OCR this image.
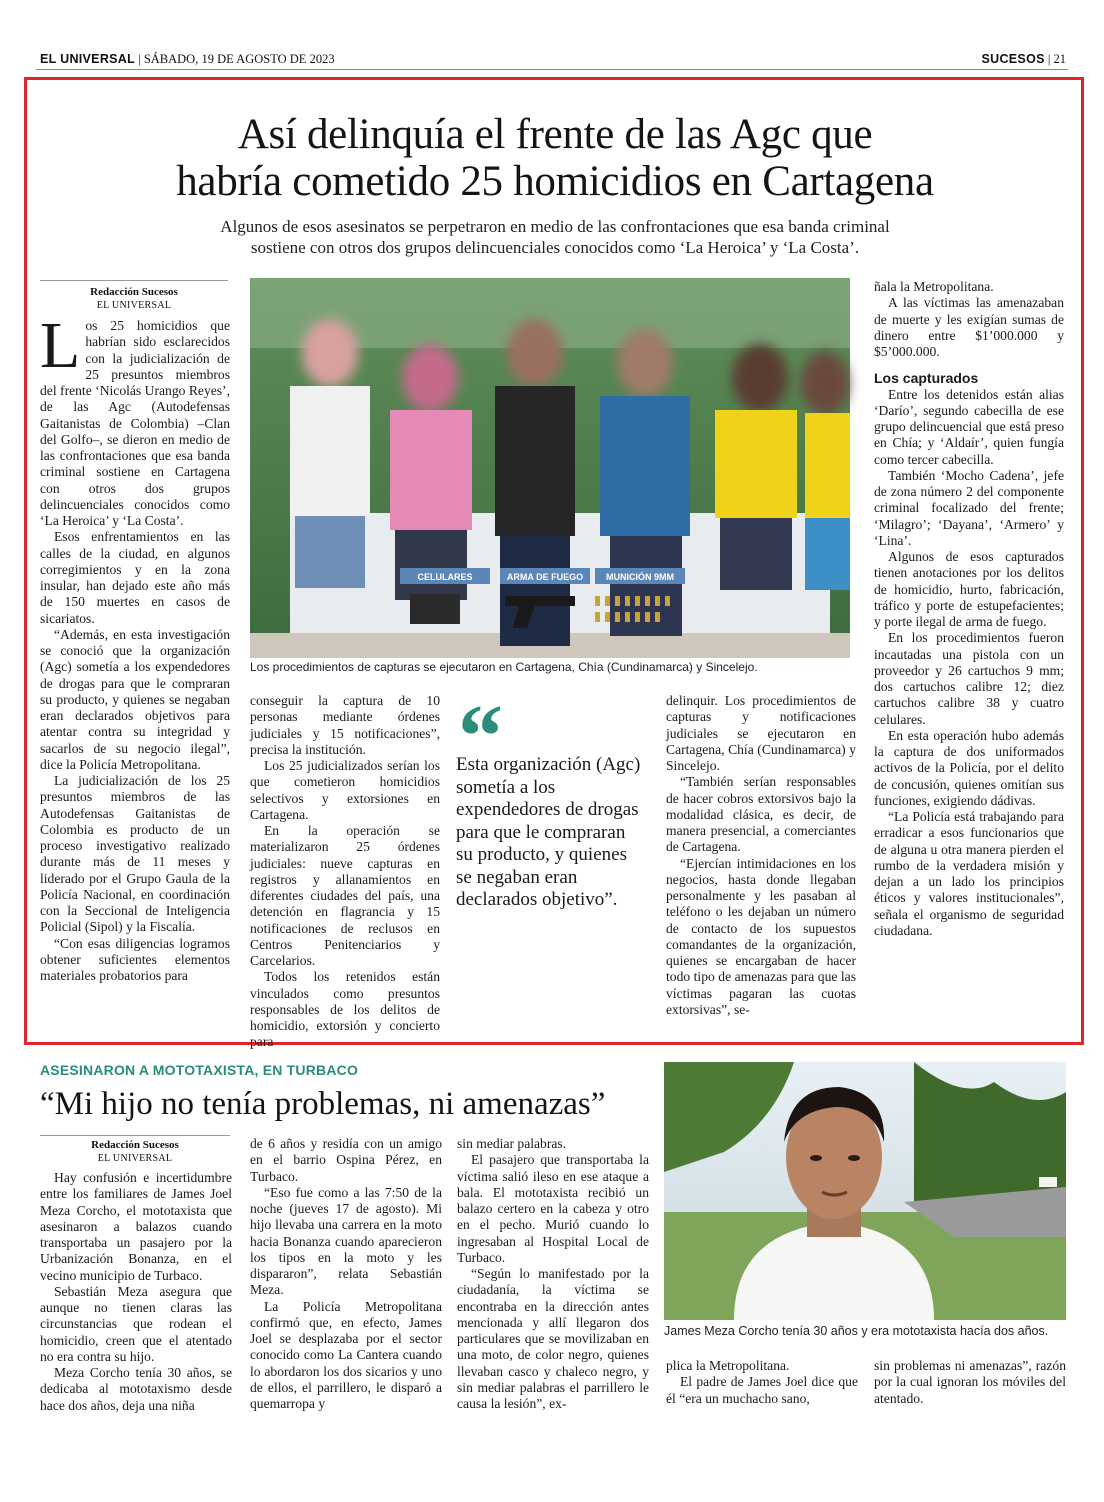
EL UNIVERSAL | SÁBADO, 19 DE AGOSTO DE 2023	SUCESOS | 21
Así delinquía el frente de las Agc que
habría cometido 25 homicidios en Cartagena
Algunos de esos asesinatos se perpetraron en medio de las confrontaciones que esa banda criminal
sostiene con otros dos grupos delincuenciales conocidos como ‘La Heroica’ y ‘La Costa’.
Redacción Sucesos
EL UNIVERSAL
L os 25 homicidios que habrían sido esclarecidos con la judicialización de 25 presuntos miembros del frente ‘Nicolás Urango Reyes’, de las Agc (Autodefensas Gaitanistas de Colombia) –Clan del Golfo–, se dieron en medio de las confrontaciones que esa banda criminal sostiene en Cartagena con otros dos grupos delincuenciales conocidos como ‘La Heroica’ y ‘La Costa’.

Esos enfrentamientos en las calles de la ciudad, en algunos corregimientos y en la zona insular, han dejado este año más de 150 muertes en casos de sicariatos.

“Además, en esta investigación se conoció que la organización (Agc) sometía a los expendedores de drogas para que le compraran su producto, y quienes se negaban eran declarados objetivos para atentar contra su integridad y sacarlos de su negocio ilegal”, dice la Policía Metropolitana.

La judicialización de los 25 presuntos miembros de las Autodefensas Gaitanistas de Colombia es producto de un proceso investigativo realizado durante más de 11 meses y liderado por el Grupo Gaula de la Policía Nacional, en coordinación con la Seccional de Inteligencia Policial (Sipol) y la Fiscalía.

“Con esas diligencias logramos obtener suficientes elementos materiales probatorios para

CELULARES	ARMA DE FUEGO	MUNICIÓN 9MM
Los procedimientos de capturas se ejecutaron en Cartagena, Chía (Cundinamarca) y Sincelejo.

conseguir la captura de 10 personas mediante órdenes judiciales y 15 notificaciones”, precisa la institución.

Los 25 judicializados serían los que cometieron homicidios selectivos y extorsiones en Cartagena.

En la operación se materializaron 25 órdenes judiciales: nueve capturas en registros y allanamientos en diferentes ciudades del país, una detención en flagrancia y 15 notificaciones de reclusos en Centros Penitenciarios y Carcelarios.

Todos los retenidos están vinculados como presuntos responsables de los delitos de homicidio, extorsión y concierto para

“
Esta organización (Agc) sometía a los expendedores de drogas para que le compraran su producto, y quienes se negaban eran declarados objetivo”.

delinquir. Los procedimientos de capturas y notificaciones judiciales se ejecutaron en Cartagena, Chía (Cundinamarca) y Sincelejo.

“También serían responsables de hacer cobros extorsivos bajo la modalidad clásica, es decir, de manera presencial, a comerciantes de Cartagena.

“Ejercían intimidaciones en los negocios, hasta donde llegaban personalmente y les pasaban al teléfono o les dejaban un número de contacto de los supuestos comandantes de la organización, quienes se encargaban de hacer todo tipo de amenazas para que las víctimas pagaran las cuotas extorsivas”, se-

ñala la Metropolitana.

A las víctimas las amenazaban de muerte y les exigían sumas de dinero entre $1’000.000 y $5’000.000.

Los capturados

Entre los detenidos están alias ‘Darío’, segundo cabecilla de ese grupo delincuencial que está preso en Chía; y ‘Aldaír’, quien fungía como tercer cabecilla.

También ‘Mocho Cadena’, jefe de zona número 2 del componente criminal focalizado del frente; ‘Milagro’; ‘Dayana’, ‘Armero’ y ‘Lina’.

Algunos de esos capturados tienen anotaciones por los delitos de homicidio, hurto, fabricación, tráfico y porte de estupefacientes; y porte ilegal de arma de fuego.

En los procedimientos fueron incautadas una pistola con un proveedor y 26 cartuchos 9 mm; dos cartuchos calibre 12; diez cartuchos calibre 38 y cuatro celulares.

En esta operación hubo además la captura de dos uniformados activos de la Policía, por el delito de concusión, quienes omitían sus funciones, exigiendo dádivas.

“La Policía está trabajando para erradicar a esos funcionarios que de alguna u otra manera pierden el rumbo de la verdadera misión y dejan a un lado los principios éticos y valores institucionales”, señala el organismo de seguridad ciudadana.

ASESINARON A MOTOTAXISTA, EN TURBACO
“Mi hijo no tenía problemas, ni amenazas”
Redacción Sucesos
EL UNIVERSAL

Hay confusión e incertidumbre entre los familiares de James Joel Meza Corcho, el mototaxista que asesinaron a balazos cuando transportaba un pasajero por la Urbanización Bonanza, en el vecino municipio de Turbaco.

Sebastián Meza asegura que aunque no tienen claras las circunstancias que rodean el homicidio, creen que el atentado no era contra su hijo.

Meza Corcho tenía 30 años, se dedicaba al mototaxismo desde hace dos años, deja una niña

de 6 años y residía con un amigo en el barrio Ospina Pérez, en Turbaco.

“Eso fue como a las 7:50 de la noche (jueves 17 de agosto). Mi hijo llevaba una carrera en la moto hacia Bonanza cuando aparecieron los tipos en la moto y les dispararon”, relata Sebastián Meza.

La Policía Metropolitana confirmó que, en efecto, James Joel se desplazaba por el sector conocido como La Cantera cuando lo abordaron los dos sicarios y uno de ellos, el parrillero, le disparó a quemarropa y

sin mediar palabras.

El pasajero que transportaba la víctima salió ileso en ese ataque a bala. El mototaxista recibió un balazo certero en la cabeza y otro en el pecho. Murió cuando lo ingresaban al Hospital Local de Turbaco.

“Según lo manifestado por la ciudadanía, la víctima se encontraba en la dirección antes mencionada y allí llegaron dos particulares que se movilizaban en una moto, de color negro, quienes llevaban casco y chaleco negro, y sin mediar palabras el parrillero le causa la lesión”, ex-

James Meza Corcho tenía 30 años y era mototaxista hacía dos años.

plica la Metropolitana.

El padre de James Joel dice que él “era un muchacho sano,

sin problemas ni amenazas”, razón por la cual ignoran los móviles del atentado.
